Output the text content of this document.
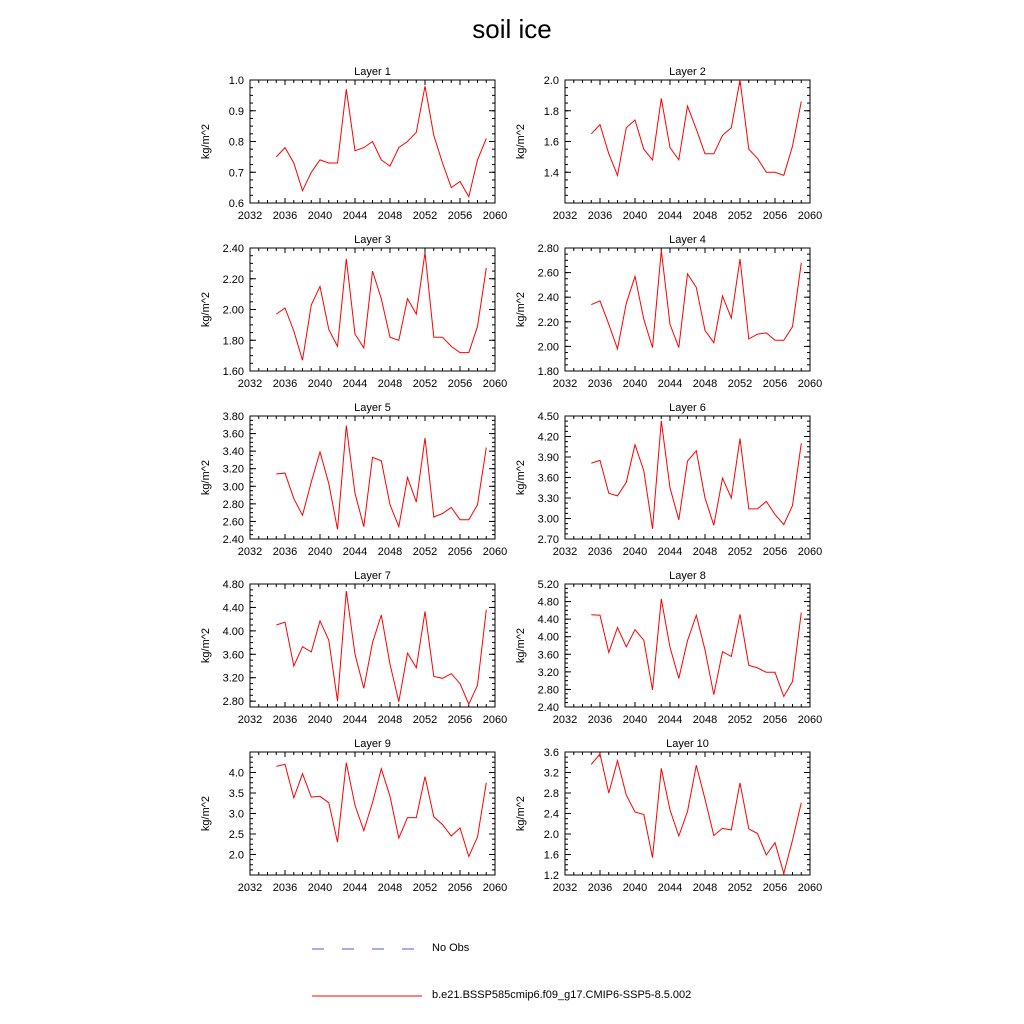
soil ice
Layer 1
2032 2036 2040 2044 2048 2052 2056 2060
0.6
0.7
0.8
0.9
1.0
kg/m^2
Layer 2
2032 2036 2040 2044 2048 2052 2056 2060
1.4
1.6
1.8
2.0
kg/m^2
Layer 3
2032 2036 2040 2044 2048 2052 2056 2060
1.60
1.80
2.00
2.20
2.40
kg/m^2
Layer 4
2032 2036 2040 2044 2048 2052 2056 2060
1.80
2.00
2.20
2.40
2.60
2.80
kg/m^2
Layer 5
2032 2036 2040 2044 2048 2052 2056 2060
2.40
2.60
2.80
3.00
3.20
3.40
3.60
3.80
kg/m^2
Layer 6
2032 2036 2040 2044 2048 2052 2056 2060
2.70
3.00
3.30
3.60
3.90
4.20
4.50
kg/m^2
Layer 7
2032 2036 2040 2044 2048 2052 2056 2060
2.80
3.20
3.60
4.00
4.40
4.80
kg/m^2
Layer 8
2032 2036 2040 2044 2048 2052 2056 2060
2.40
2.80
3.20
3.60
4.00
4.40
4.80
5.20
kg/m^2
Layer 9
2032 2036 2040 2044 2048 2052 2056 2060
2.0
2.5
3.0
3.5
4.0
kg/m^2
Layer 10
2032 2036 2040 2044 2048 2052 2056 2060
1.2
1.6
2.0
2.4
2.8
3.2
3.6
kg/m^2
No Obs
b.e21.BSSP585cmip6.f09_g17.CMIP6-SSP5-8.5.002
